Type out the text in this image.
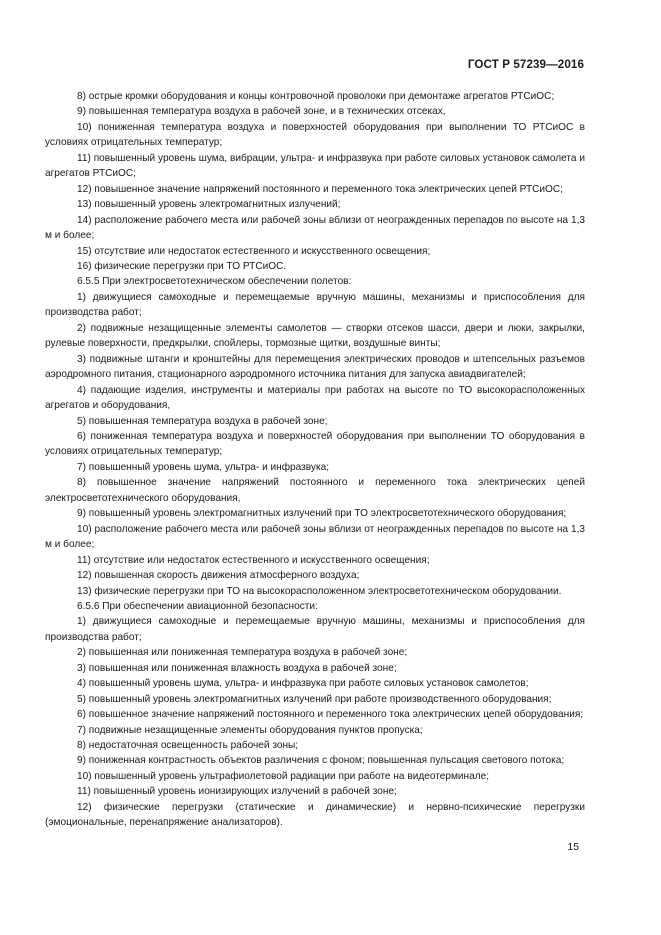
ГОСТ Р 57239—2016

8) острые кромки оборудования и концы контровочной проволоки при демонтаже агрегатов РТСиОС;

9) повышенная температура воздуха в рабочей зоне, и в технических отсеках,

10) пониженная температура воздуха и поверхностей оборудования при выполнении ТО РТСиОС в условиях отрицательных температур;

11) повышенный уровень шума, вибрации, ультра- и инфразвука при работе силовых установок самолета и агрегатов РТСиОС;

12) повышенное значение напряжений постоянного и переменного тока электрических цепей РТСиОС;

13) повышенный уровень электромагнитных излучений;

14) расположение рабочего места или рабочей зоны вблизи от неогражденных перепадов по высоте на 1,3 м и более;

15) отсутствие или недостаток естественного и искусственного освещения;

16) физические перегрузки при ТО РТСиОС.

6.5.5 При электросветотехническом обеспечении полетов:

1) движущиеся самоходные и перемещаемые вручную машины, механизмы и приспособления для производства работ;

2) подвижные незащищенные элементы самолетов — створки отсеков шасси, двери и люки, закрылки, рулевые поверхности, предкрылки, спойлеры, тормозные щитки, воздушные винты;

3) подвижные штанги и кронштейны для перемещения электрических проводов и штепсельных разъемов аэродромного питания, стационарного аэродромного источника питания для запуска авиадвигателей;

4) падающие изделия, инструменты и материалы при работах на высоте по ТО высокорасположенных агрегатов и оборудования,

5) повышенная температура воздуха в рабочей зоне;

6) пониженная температура воздуха и поверхностей оборудования при выполнении ТО оборудования в условиях отрицательных температур;

7) повышенный уровень шума, ультра- и инфразвука;

8) повышенное значение напряжений постоянного и переменного тока электрических цепей электросветотехнического оборудования,

9) повышенный уровень электромагнитных излучений при ТО электросветотехнического оборудования;

10) расположение рабочего места или рабочей зоны вблизи от неогражденных перепадов по высоте на 1,3 м и более;

11) отсутствие или недостаток естественного и искусственного освещения;

12) повышенная скорость движения атмосферного воздуха;

13) физические перегрузки при ТО на высокорасположенном электросветотехническом оборудовании.

6.5.6 При обеспечении авиационной безопасности:

1) движущиеся самоходные и перемещаемые вручную машины, механизмы и приспособления для производства работ;

2) повышенная или пониженная температура воздуха в рабочей зоне;

3) повышенная или пониженная влажность воздуха в рабочей зоне;

4) повышенный уровень шума, ультра- и инфразвука при работе силовых установок самолетов;

5) повышенный уровень электромагнитных излучений при работе производственного оборудования;

6) повышенное значение напряжений постоянного и переменного тока электрических цепей оборудования;

7) подвижные незащищенные элементы оборудования пунктов пропуска;

8) недостаточная освещенность рабочей зоны;

9) пониженная контрастность объектов различения с фоном; повышенная пульсация светового потока;

10) повышенный уровень ультрафиолетовой радиации при работе на видеотерминале;

11) повышенный уровень ионизирующих излучений в рабочей зоне;

12) физические перегрузки (статические и динамические) и нервно-психические перегрузки (эмоциональные, перенапряжение анализаторов).

15
